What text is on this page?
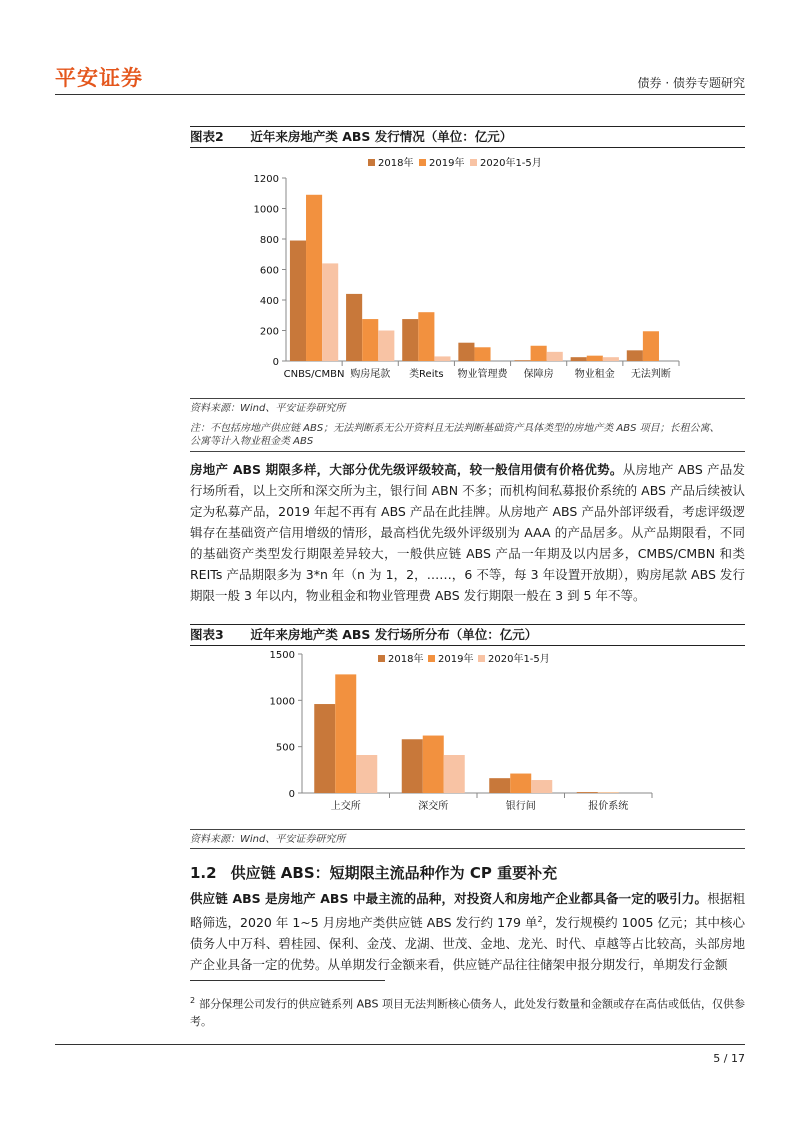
平安证券	债券 · 债券专题研究
图表2 近年来房地产类 ABS 发行情况（单位：亿元）
0
200
400
600
800
1000
1200
CNBS/CMBN 购房尾款 类Reits 物业管理费 保障房 物业租金 无法判断
2018年 2019年 2020年1-5月
资料来源：Wind、平安证券研究所
注：不包括房地产供应链 ABS；无法判断系无公开资料且无法判断基础资产具体类型的房地产类 ABS 项目；长租公寓、
公寓等计入物业租金类 ABS

房地产 ABS 期限多样，大部分优先级评级较高，较一般信用债有价格优势。从房地产 ABS 产品发行场所看，以上交所和深交所为主，银行间 ABN 不多；而机构间私募报价系统的 ABS 产品后续被认定为私募产品，2019 年起不再有 ABS 产品在此挂牌。从房地产 ABS 产品外部评级看，考虑评级逻辑存在基础资产信用增级的情形，最高档优先级外评级别为 AAA 的产品居多。从产品期限看，不同的基础资产类型发行期限差异较大，一般供应链 ABS 产品一年期及以内居多，CMBS/CMBN 和类 REITs 产品期限多为 3*n 年（n 为 1，2，……，6 不等，每 3 年设置开放期），购房尾款 ABS 发行期限一般 3 年以内，物业租金和物业管理费 ABS 发行期限一般在 3 到 5 年不等。

图表3 近年来房地产类 ABS 发行场所分布（单位：亿元）
0
500
1000
1500
上交所	深交所	银行间	报价系统
2018年 2019年 2020年1-5月
资料来源：Wind、平安证券研究所
1.2 供应链 ABS：短期限主流品种作为 CP 重要补充

供应链 ABS 是房地产 ABS 中最主流的品种，对投资人和房地产企业都具备一定的吸引力。根据粗略筛选，2020 年 1~5 月房地产类供应链 ABS 发行约 179 单$^2$，发行规模约 1005 亿元；其中核心债务人中万科、碧桂园、保利、金茂、龙湖、世茂、金地、龙光、时代、卓越等占比较高，头部房地产企业具备一定的优势。从单期发行金额来看，供应链产品往往储架申报分期发行，单期发行金额

$^2$ 部分保理公司发行的供应链系列 ABS 项目无法判断核心债务人，此处发行数量和金额或存在高估或低估，仅供参考。

5 / 17
